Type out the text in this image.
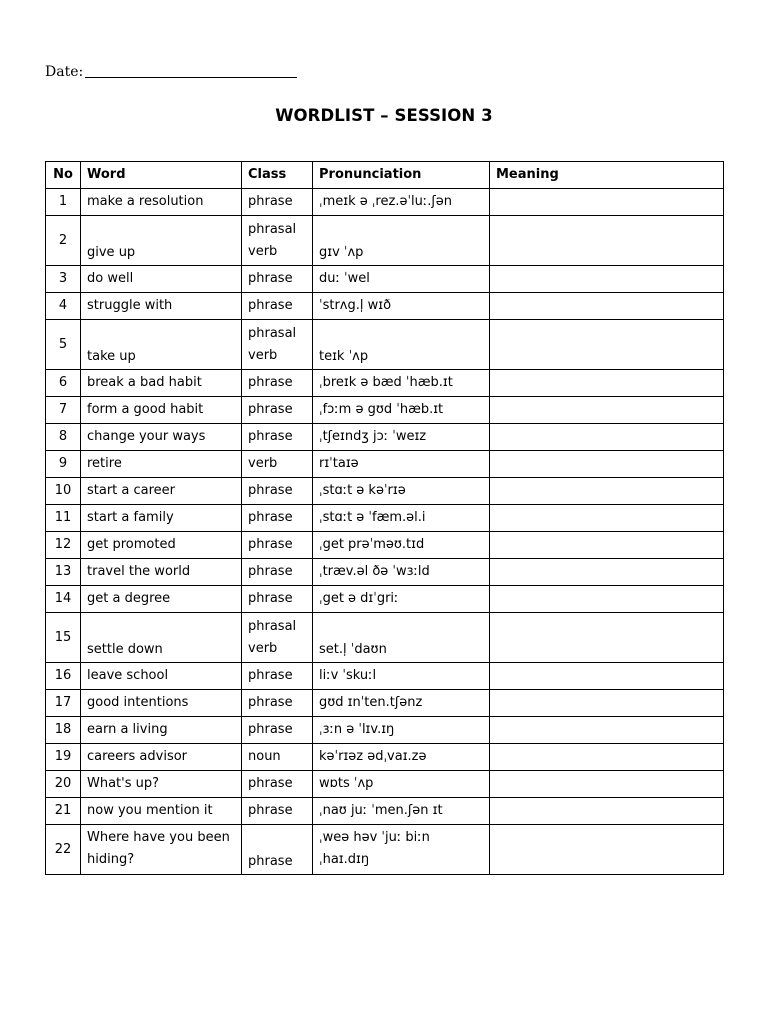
Date:
WORDLIST – SESSION 3
No	Word	Class	Pronunciation	Meaning
1	make a resolution	phrase	ˌmeɪk ə ˌrez.əˈluː.ʃən	
2	give up	phrasal verb	gɪv ˈʌp	
3	do well	phrase	duː ˈwel	
4	struggle with	phrase	ˈstrʌg.l̩ wɪð	
5	take up	phrasal verb	teɪk ˈʌp	
6	break a bad habit	phrase	ˌbreɪk ə bæd ˈhæb.ɪt	
7	form a good habit	phrase	ˌfɔːm ə gʊd ˈhæb.ɪt	
8	change your ways	phrase	ˌtʃeɪndʒ jɔː ˈweɪz	
9	retire	verb	rɪˈtaɪə	
10	start a career	phrase	ˌstɑːt ə kəˈrɪə	
11	start a family	phrase	ˌstɑːt ə ˈfæm.əl.i	
12	get promoted	phrase	ˌget prəˈməʊ.tɪd	
13	travel the world	phrase	ˌtræv.əl ðə ˈwɜːld	
14	get a degree	phrase	ˌget ə dɪˈgriː	
15	settle down	phrasal verb	set.l̩ ˈdaʊn	
16	leave school	phrase	liːv ˈskuːl	
17	good intentions	phrase	gʊd ɪnˈten.tʃənz	
18	earn a living	phrase	ˌɜːn ə ˈlɪv.ɪŋ	
19	careers advisor	noun	kəˈrɪəz ədˌvaɪ.zə	
20	What's up?	phrase	wɒts ˈʌp	
21	now you mention it	phrase	ˌnaʊ juː ˈmen.ʃən ɪt	
22	Where have you been hiding?	phrase	ˌweə həv ˈjuː biːn ˌhaɪ.dɪŋ	
